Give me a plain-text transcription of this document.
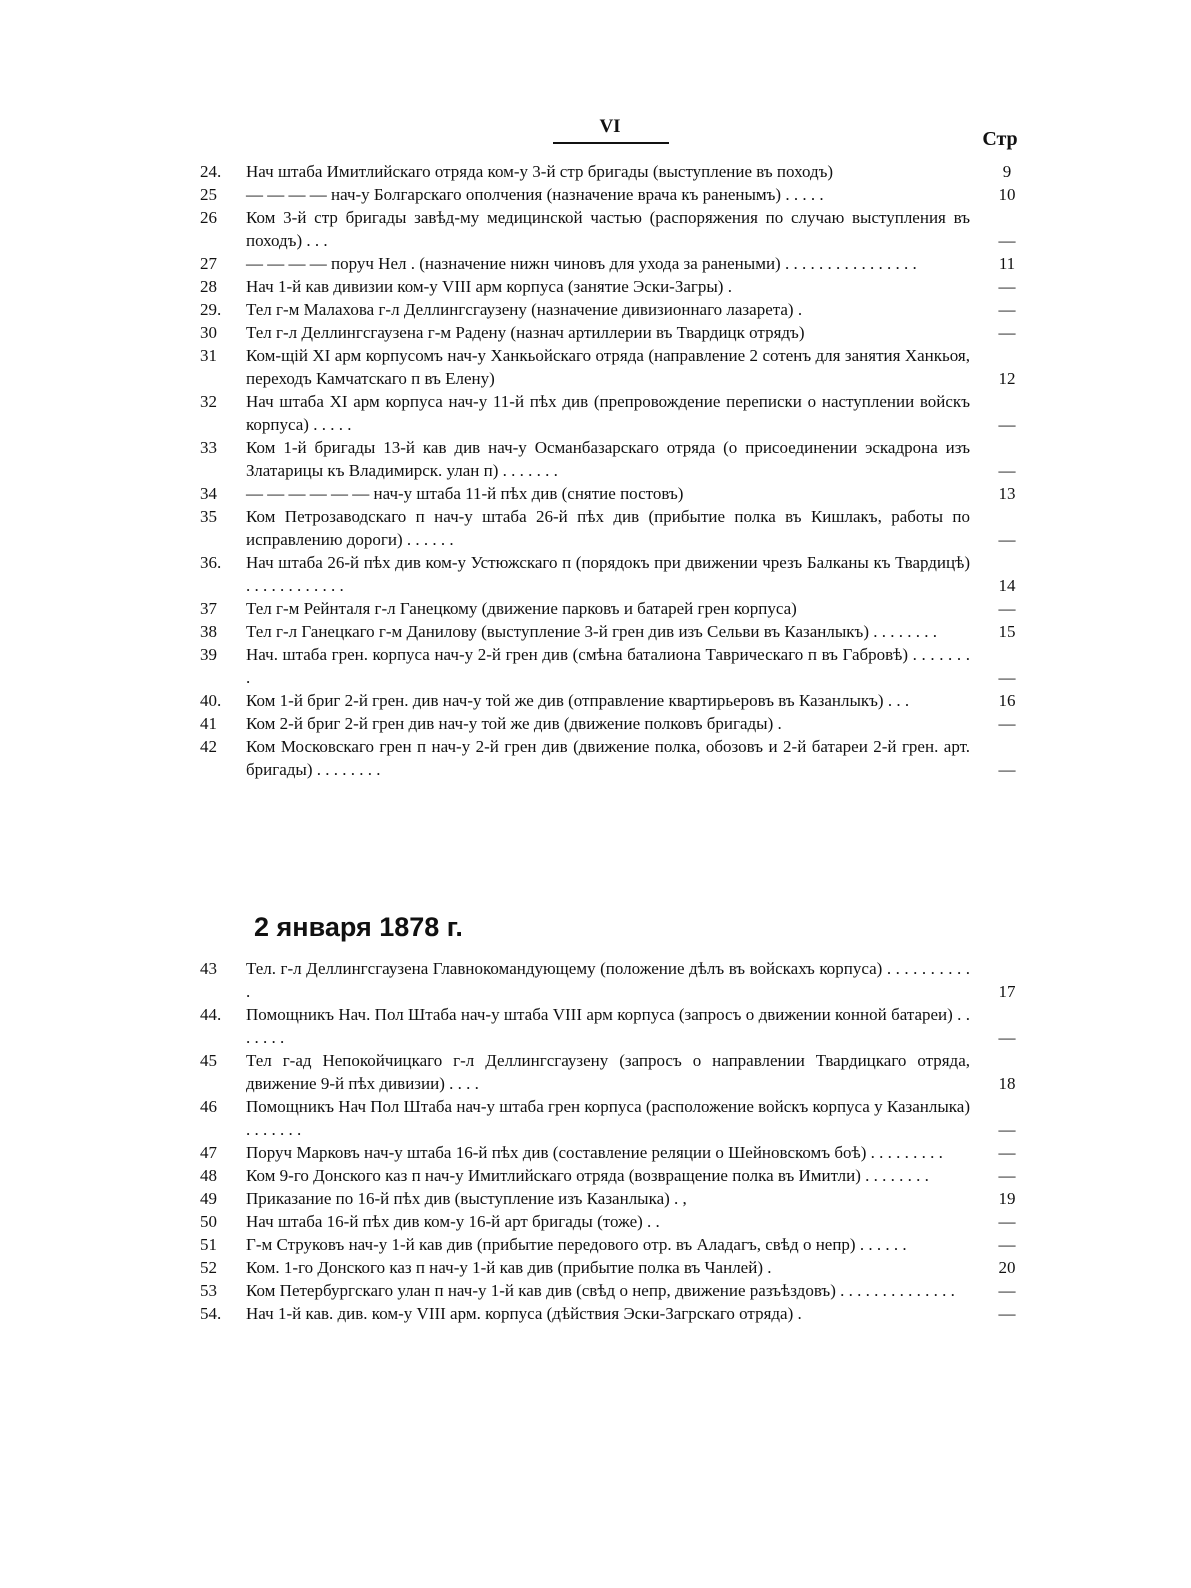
VI
Стр
24.	Нач штаба Имитлийскаго отряда ком-у 3-й стр бригады (выступление въ походъ)	9
25	— — — — нач-у Болгарскаго ополчения (назначение врача къ раненымъ) . . . . .	10
26	Ком 3-й стр бригады завѣд-му медицинской частью (распоряжения по случаю выступления въ походъ) . . .	—
27	— — — — поруч Нел . (назначение нижн чиновъ для ухода за ранеными) . . . . . . . . . . . . . . . .	11
28	Нач 1-й кав дивизии ком-у VIII арм корпуса (занятие Эски-Загры) .	—
29.	Тел г-м Малахова г-л Деллингсгаузену (назначение дивизионнаго лазарета) .	—
30	Тел г-л Деллингсгаузена г-м Радену (назнач артиллерии въ Твардицк отрядъ)	—
31	Ком-щiй XI арм корпусомъ нач-у Ханкьойскаго отряда (направление 2 сотенъ для занятия Ханкьоя, переходъ Камчатскаго п въ Елену)	12
32	Нач штаба XI арм корпуса нач-у 11-й пѣх див (препровождение переписки о наступлении войскъ корпуса) . . . . .	—
33	Ком 1-й бригады 13-й кав див нач-у Османбазарскаго отряда (о присоединении эскадрона изъ Златарицы къ Владимирск. улан п) . . . . . . .	—
34	— — — — — — нач-у штаба 11-й пѣх див (снятие постовъ)	13
35	Ком Петрозаводскаго п нач-у штаба 26-й пѣх див (прибытие полка въ Кишлакъ, работы по исправлению дороги) . . . . . .	—
36.	Нач штаба 26-й пѣх див ком-у Устюжскаго п (порядокъ при движении чрезъ Балканы къ Твардицѣ) . . . . . . . . . . . .	14
37	Тел г-м Рейнталя г-л Ганецкому (движение парковъ и батарей грен корпуса)	—
38	Тел г-л Ганецкаго г-м Данилову (выступление 3-й грен див изъ Сельви въ Казанлыкъ) . . . . . . . .	15
39	Нач. штаба грен. корпуса нач-у 2-й грен див (смѣна баталиона Таврическаго п въ Габровѣ) . . . . . . . .	—
40.	Ком 1-й бриг 2-й грен. див нач-у той же див (отправление квартирьеровъ въ Казанлыкъ) . . .	16
41	Ком 2-й бриг 2-й грен див нач-у той же див (движение полковъ бригады) .	—
42	Ком Московскаго грен п нач-у 2-й грен див (движение полка, обозовъ и 2-й батареи 2-й грен. арт. бригады) . . . . . . . .	—
2 января 1878 г.
43	Тел. г-л Деллингсгаузена Главнокомандующему (положение дѣлъ въ войскахъ корпуса) . . . . . . . . . . .	17
44.	Помощникъ Нач. Пол Штаба нач-у штаба VIII арм корпуса (запросъ о движении конной батареи) . . . . . . .	—
45	Тел г-ад Непокойчицкаго г-л Деллингсгаузену (запросъ о направлении Твардицкаго отряда, движение 9-й пѣх дивизии) . . . .	18
46	Помощникъ Нач Пол Штаба нач-у штаба грен корпуса (расположение войскъ корпуса у Казанлыка) . . . . . . .	—
47	Поруч Марковъ нач-у штаба 16-й пѣх див (составление реляции о Шейновскомъ боѣ) . . . . . . . . .	—
48	Ком 9-го Донского каз п нач-у Имитлийскаго отряда (возвращение полка въ Имитли) . . . . . . . .	—
49	Приказание по 16-й пѣх див (выступление изъ Казанлыка) . ,	19
50	Нач штаба 16-й пѣх див ком-у 16-й арт бригады (тоже) . .	—
51	Г-м Струковъ нач-у 1-й кав див (прибытие передового отр. въ Аладагъ, свѣд о непр) . . . . . .	—
52	Ком. 1-го Донского каз п нач-у 1-й кав див (прибытие полка въ Чанлей) .	20
53	Ком Петербургскаго улан п нач-у 1-й кав див (свѣд о непр, движение разъѣздовъ) . . . . . . . . . . . . . .	—
54.	Нач 1-й кав. див. ком-у VIII арм. корпуса (дѣйствия Эски-Загрскаго отряда) .	—
